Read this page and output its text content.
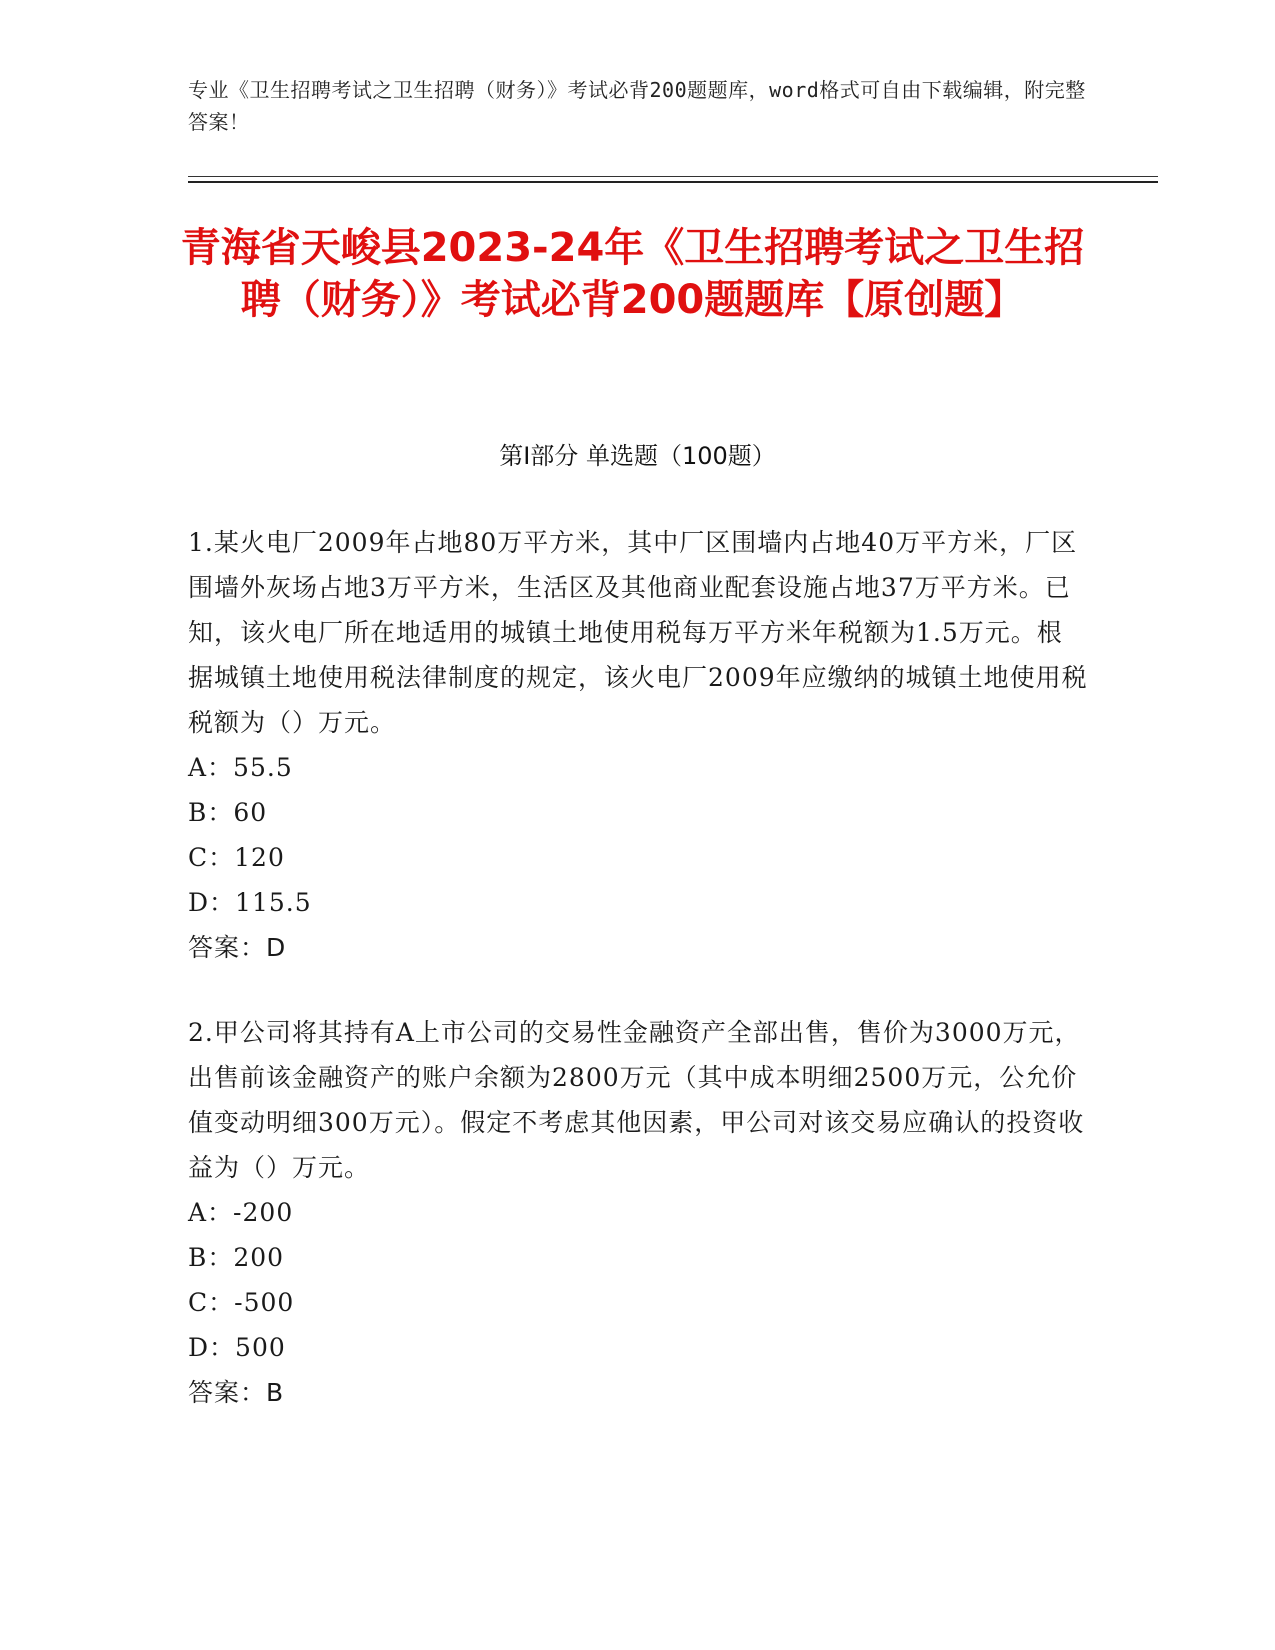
专业《卫生招聘考试之卫生招聘（财务）》考试必背200题题库，word格式可自由下载编辑，附完整答案！
青海省天峻县2023-24年《卫生招聘考试之卫生招聘（财务）》考试必背200题题库【原创题】
第Ⅰ部分 单选题（100题）

1.某火电厂2009年占地80万平方米，其中厂区围墙内占地40万平方米，厂区围墙外灰场占地3万平方米，生活区及其他商业配套设施占地37万平方米。已知，该火电厂所在地适用的城镇土地使用税每万平方米年税额为1.5万元。根据城镇土地使用税法律制度的规定，该火电厂2009年应缴纳的城镇土地使用税税额为（）万元。

A：55.5

B：60

C：120

D：115.5

答案：D

2.甲公司将其持有A上市公司的交易性金融资产全部出售，售价为3000万元，出售前该金融资产的账户余额为2800万元（其中成本明细2500万元，公允价值变动明细300万元）。假定不考虑其他因素，甲公司对该交易应确认的投资收益为（）万元。

A：-200

B：200

C：-500

D：500

答案：B
